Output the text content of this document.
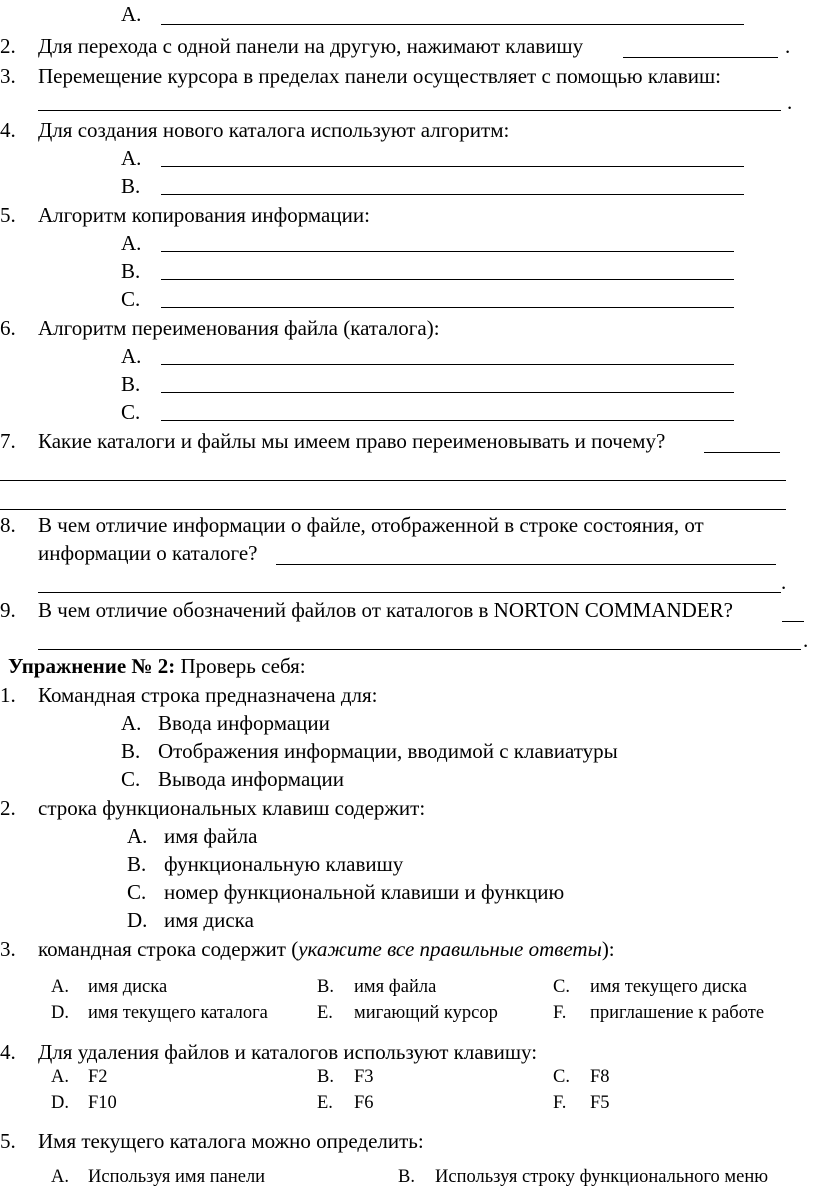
A.
2. Для перехода с одной панели на другую, нажимают клавишу	.
3. Перемещение курсора в пределах панели осуществляет с помощью клавиш:
.
4. Для создания нового каталога используют алгоритм:
A.
B.
5. Алгоритм копирования информации:
A.
B.
C.
6. Алгоритм переименования файла (каталога):
A.
B.
C.
7. Какие каталоги и файлы мы имеем право переименовывать и почему?
8. В чем отличие информации о файле, отображенной в строке состояния, от
информации о каталоге?
.
9. В чем отличие обозначений файлов от каталогов в NORTON COMMANDER?
.
Упражнение № 2: Проверь себя:
1. Командная строка предназначена для:
A. Ввода информации
B. Отображения информации, вводимой с клавиатуры
C. Вывода информации
2. строка функциональных клавиш содержит:
A. имя файла
B. функциональную клавишу
C. номер функциональной клавиши и функцию
D. имя диска
3. командная строка содержит (укажите все правильные ответы):
A. имя диска	B. имя файла	C. имя текущего диска
D. имя текущего каталога	E. мигающий курсор	F. приглашение к работе
4. Для удаления файлов и каталогов используют клавишу:
A. F2	B. F3	C. F8
D. F10	E. F6	F. F5
5. Имя текущего каталога можно определить:
A. Используя имя панели	B. Используя строку функционального меню
